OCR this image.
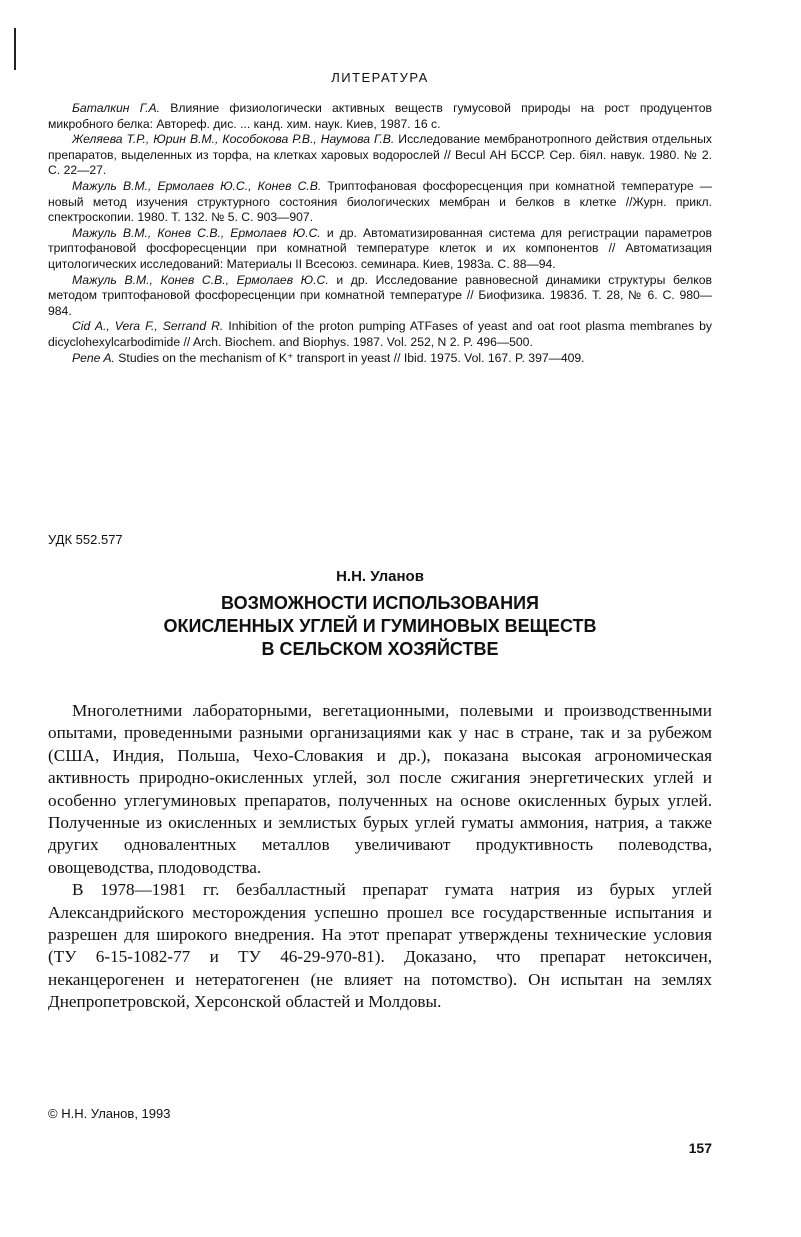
ЛИТЕРАТУРА

Баталкин Г.А. Влияние физиологически активных веществ гумусовой природы на рост продуцентов микробного белка: Автореф. дис. ... канд. хим. наук. Киев, 1987. 16 с.

Желяева Т.Р., Юрин В.М., Кособокова Р.В., Наумова Г.В. Исследование мембранотропного действия отдельных препаратов, выделенных из торфа, на клетках харовых водорослей // Becul АН БССР. Сер. біял. навук. 1980. № 2. С. 22—27.

Мажуль В.М., Ермолаев Ю.С., Конев С.В. Триптофановая фосфоресценция при комнатной температуре — новый метод изучения структурного состояния биологических мембран и белков в клетке //Журн. прикл. спектроскопии. 1980. Т. 132. № 5. С. 903—907.

Мажуль В.М., Конев С.В., Ермолаев Ю.С. и др. Автоматизированная система для регистрации параметров триптофановой фосфоресценции при комнатной температуре клеток и их компонентов // Автоматизация цитологических исследований: Материалы II Всесоюз. семинара. Киев, 1983а. С. 88—94.

Мажуль В.М., Конев С.В., Ермолаев Ю.С. и др. Исследование равновесной динамики структуры белков методом триптофановой фосфоресценции при комнатной температуре // Биофизика. 1983б. Т. 28, № 6. С. 980—984.

Cid A., Vera F., Serrand R. Inhibition of the proton pumping ATFases of yeast and oat root plasma membranes by dicyclohexylcarbodimide // Arch. Biochem. and Biophys. 1987. Vol. 252, N 2. P. 496—500.

Pene A. Studies on the mechanism of K⁺ transport in yeast // Ibid. 1975. Vol. 167. P. 397—409.

УДК 552.577
Н.Н. Уланов
ВОЗМОЖНОСТИ ИСПОЛЬЗОВАНИЯ
ОКИСЛЕННЫХ УГЛЕЙ И ГУМИНОВЫХ ВЕЩЕСТВ
В СЕЛЬСКОМ ХОЗЯЙСТВЕ

Многолетними лабораторными, вегетационными, полевыми и производственными опытами, проведенными разными организациями как у нас в стране, так и за рубежом (США, Индия, Польша, Чехо-Словакия и др.), показана высокая агрономическая активность природно-окисленных углей, зол после сжигания энергетических углей и особенно углегуминовых препаратов, полученных на основе окисленных бурых углей. Полученные из окисленных и землистых бурых углей гуматы аммония, натрия, а также других одновалентных металлов увеличивают продуктивность полеводства, овощеводства, плодоводства.

В 1978—1981 гг. безбалластный препарат гумата натрия из бурых углей Александрийского месторождения успешно прошел все государственные испытания и разрешен для широкого внедрения. На этот препарат утверждены технические условия (ТУ 6-15-1082-77 и ТУ 46-29-970-81). Доказано, что препарат нетоксичен, неканцерогенен и нетератогенен (не влияет на потомство). Он испытан на землях Днепропетровской, Херсонской областей и Молдовы.

© Н.Н. Уланов, 1993
157
